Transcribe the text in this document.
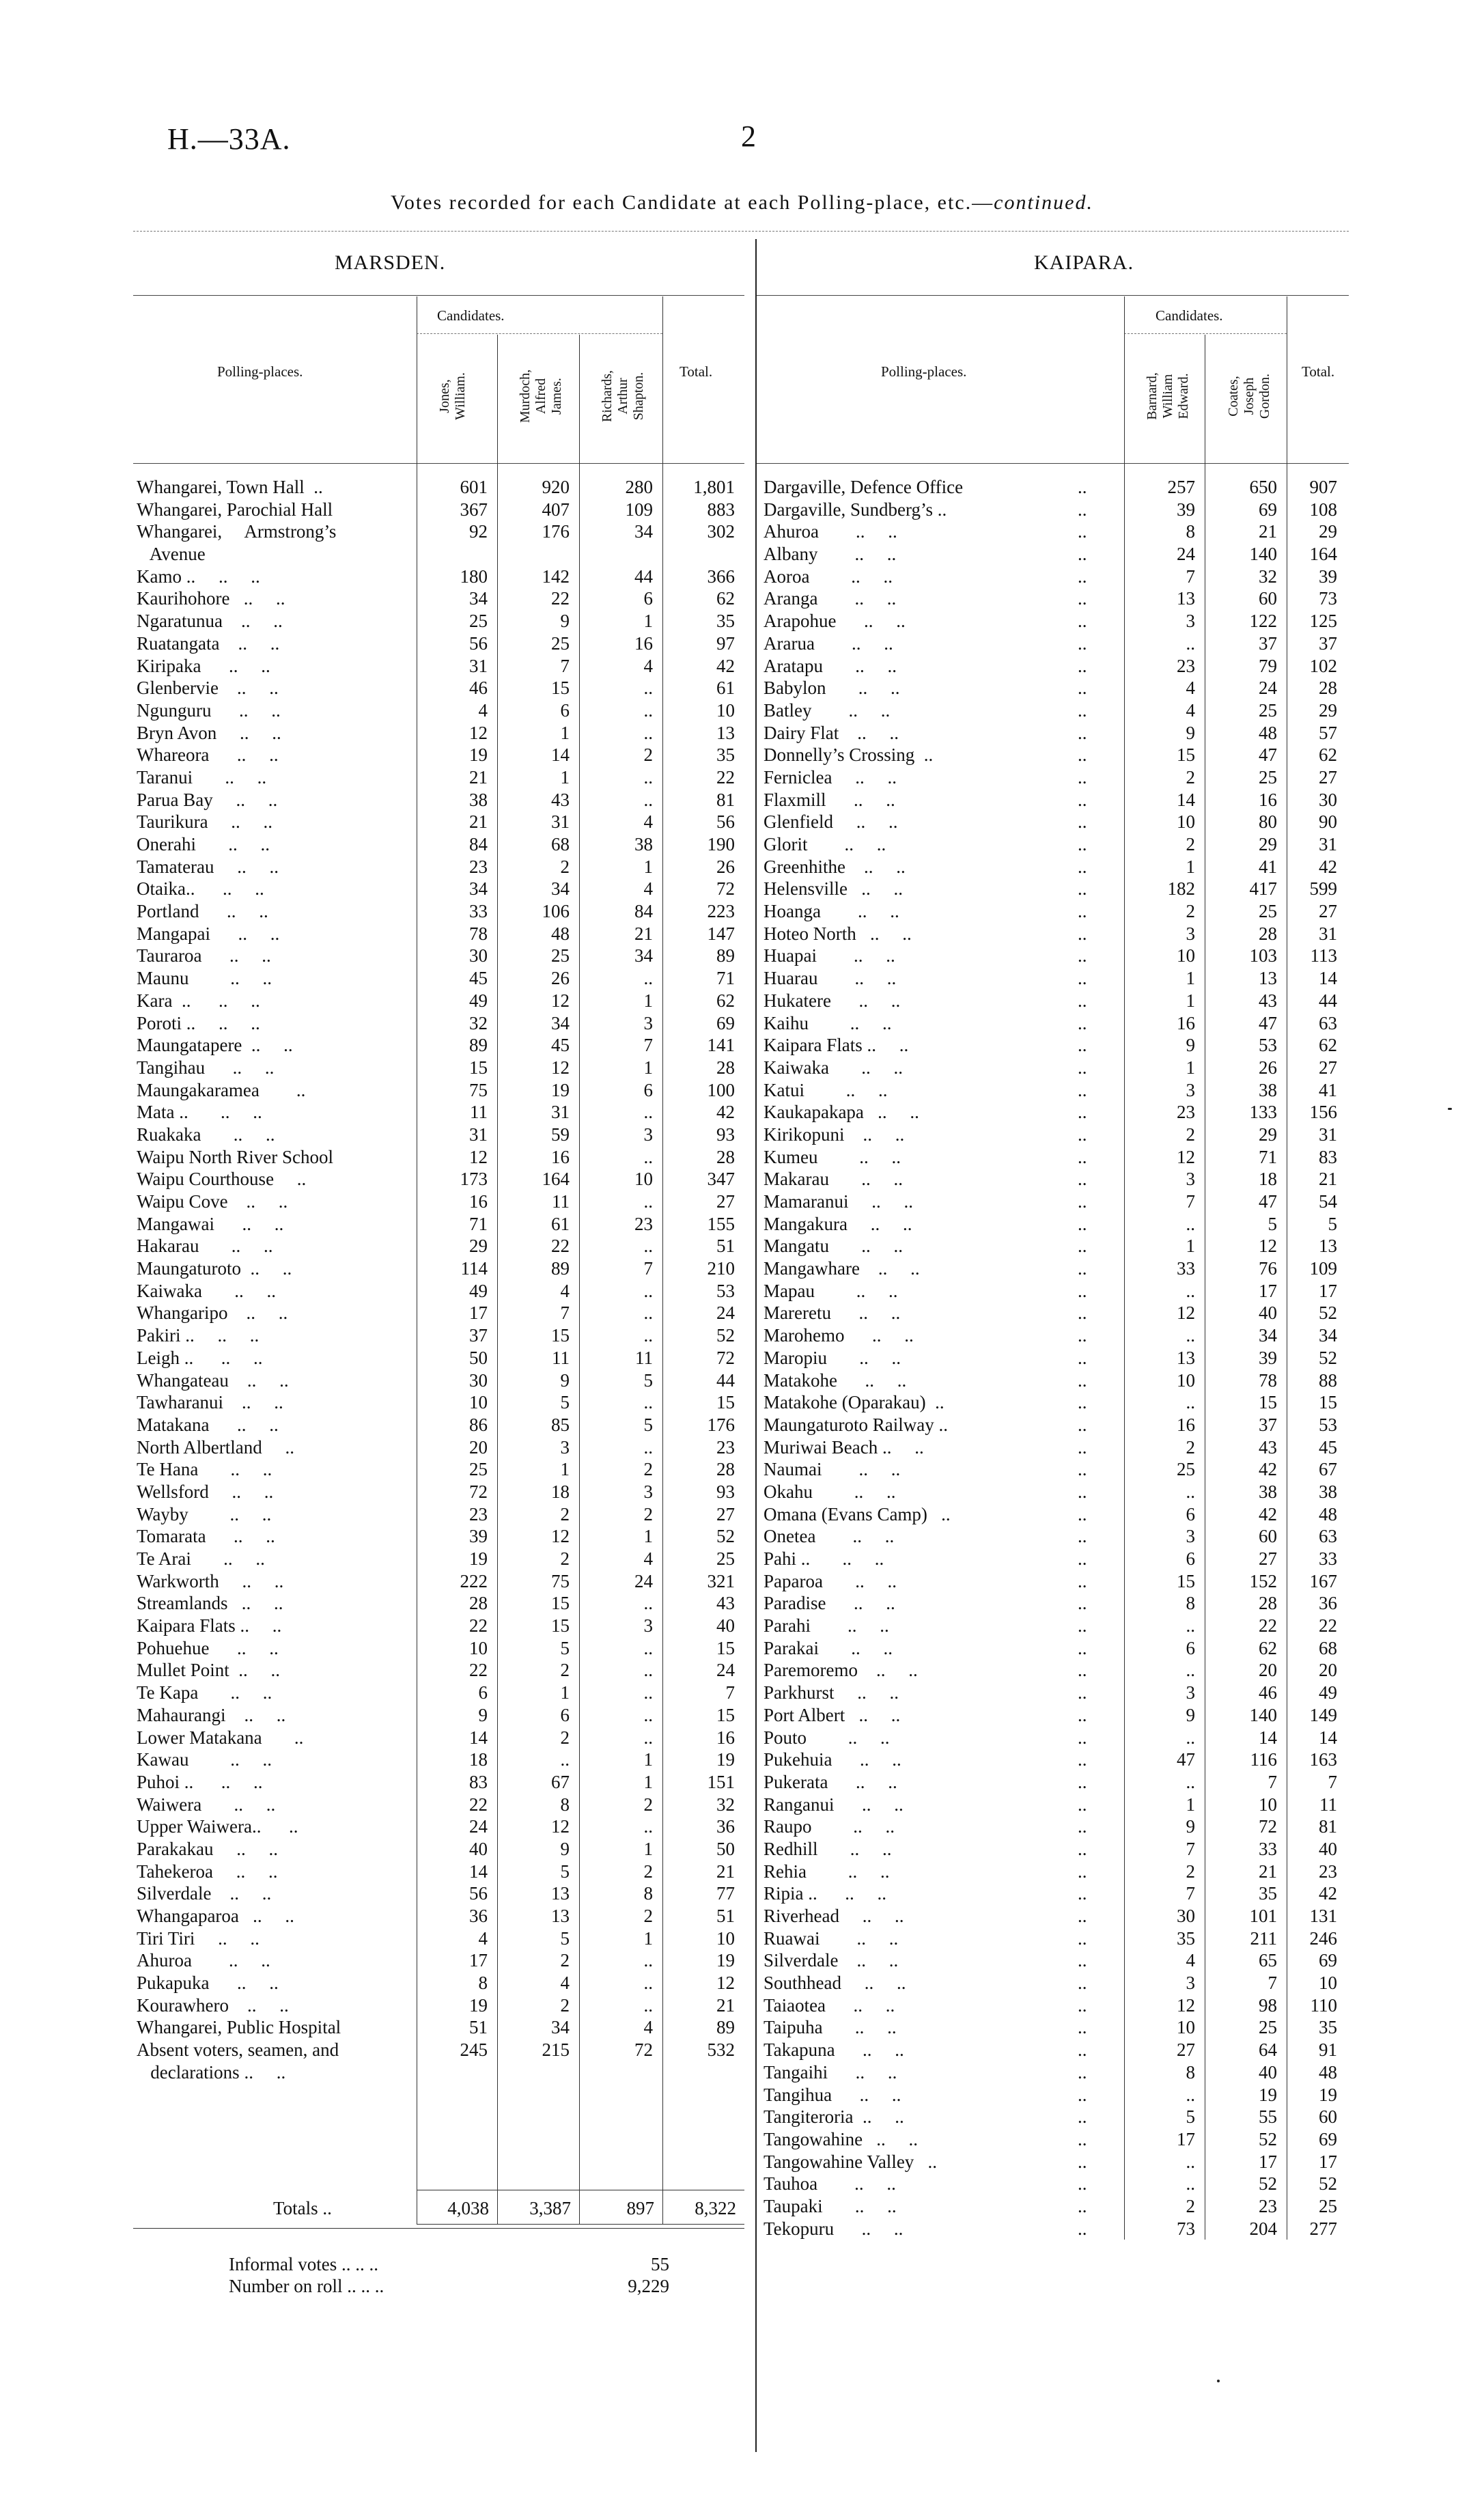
H.—33A.	2
Votes recorded for each Candidate at each Polling-place, etc.—continued.
MARSDEN.
Candidates.
Polling-places.	Total.
Jones,
William.	Murdoch,
Alfred
James.	Richards,
Arthur
Shapton.
Whangarei, Town Hall  ..	601	920	280	1,801
Whangarei, Parochial Hall	367	407	109	883
Whangarei,     Armstrong’s	92	176	34	302
Avenue				
Kamo ..     ..     ..	180	142	44	366
Kaurihohore   ..     ..	34	22	6	62
Ngaratunua    ..     ..	25	9	1	35
Ruatangata    ..     ..	56	25	16	97
Kiripaka      ..     ..	31	7	4	42
Glenbervie    ..     ..	46	15	..	61
Ngunguru      ..     ..	4	6	..	10
Bryn Avon     ..     ..	12	1	..	13
Whareora      ..     ..	19	14	2	35
Taranui       ..     ..	21	1	..	22
Parua Bay     ..     ..	38	43	..	81
Taurikura     ..     ..	21	31	4	56
Onerahi       ..     ..	84	68	38	190
Tamaterau     ..     ..	23	2	1	26
Otaika..      ..     ..	34	34	4	72
Portland      ..     ..	33	106	84	223
Mangapai      ..     ..	78	48	21	147
Tauraroa      ..     ..	30	25	34	89
Maunu         ..     ..	45	26	..	71
Kara  ..      ..     ..	49	12	1	62
Poroti ..     ..     ..	32	34	3	69
Maungatapere  ..     ..	89	45	7	141
Tangihau      ..     ..	15	12	1	28
Maungakaramea        ..	75	19	6	100
Mata ..       ..     ..	11	31	..	42
Ruakaka       ..     ..	31	59	3	93
Waipu North River School	12	16	..	28
Waipu Courthouse     ..	173	164	10	347
Waipu Cove    ..     ..	16	11	..	27
Mangawai      ..     ..	71	61	23	155
Hakarau       ..     ..	29	22	..	51
Maungaturoto  ..     ..	114	89	7	210
Kaiwaka       ..     ..	49	4	..	53
Whangaripo    ..     ..	17	7	..	24
Pakiri ..     ..     ..	37	15	..	52
Leigh ..      ..     ..	50	11	11	72
Whangateau    ..     ..	30	9	5	44
Tawharanui    ..     ..	10	5	..	15
Matakana      ..     ..	86	85	5	176
North Albertland     ..	20	3	..	23
Te Hana       ..     ..	25	1	2	28
Wellsford     ..     ..	72	18	3	93
Wayby         ..     ..	23	2	2	27
Tomarata      ..     ..	39	12	1	52
Te Arai       ..     ..	19	2	4	25
Warkworth     ..     ..	222	75	24	321
Streamlands   ..     ..	28	15	..	43
Kaipara Flats ..     ..	22	15	3	40
Pohuehue      ..     ..	10	5	..	15
Mullet Point  ..     ..	22	2	..	24
Te Kapa       ..     ..	6	1	..	7
Mahaurangi    ..     ..	9	6	..	15
Lower Matakana       ..	14	2	..	16
Kawau         ..     ..	18	..	1	19
Puhoi ..      ..     ..	83	67	1	151
Waiwera       ..     ..	22	8	2	32
Upper Waiwera..      ..	24	12	..	36
Parakakau     ..     ..	40	9	1	50
Tahekeroa     ..     ..	14	5	2	21
Silverdale    ..     ..	56	13	8	77
Whangaparoa   ..     ..	36	13	2	51
Tiri Tiri     ..     ..	4	5	1	10
Ahuroa        ..     ..	17	2	..	19
Pukapuka      ..     ..	8	4	..	12
Kourawhero    ..     ..	19	2	..	21
Whangarei, Public Hospital	51	34	4	89
Absent voters, seamen, and	245	215	72	532
declarations ..     ..				
Totals ..	4,038	3,387	897	8,322
Informal votes .. .. ..	55
Number on roll .. .. ..	9,229
KAIPARA.
Candidates.
Polling-places.	Total.
Barnard,
William
Edward.	Coates,
Joseph
Gordon.
Dargaville, Defence Office	..	257	650	907
Dargaville, Sundberg’s ..	..	39	69	108
Ahuroa        ..     ..	..	8	21	29
Albany        ..     ..	..	24	140	164
Aoroa         ..     ..	..	7	32	39
Aranga        ..     ..	..	13	60	73
Arapohue      ..     ..	..	3	122	125
Ararua        ..     ..	..	..	37	37
Aratapu       ..     ..	..	23	79	102
Babylon       ..     ..	..	4	24	28
Batley        ..     ..	..	4	25	29
Dairy Flat    ..     ..	..	9	48	57
Donnelly’s Crossing  ..	..	15	47	62
Ferniclea     ..     ..	..	2	25	27
Flaxmill      ..     ..	..	14	16	30
Glenfield     ..     ..	..	10	80	90
Glorit        ..     ..	..	2	29	31
Greenhithe    ..     ..	..	1	41	42
Helensville   ..     ..	..	182	417	599
Hoanga        ..     ..	..	2	25	27
Hoteo North   ..     ..	..	3	28	31
Huapai        ..     ..	..	10	103	113
Huarau        ..     ..	..	1	13	14
Hukatere      ..     ..	..	1	43	44
Kaihu         ..     ..	..	16	47	63
Kaipara Flats ..     ..	..	9	53	62
Kaiwaka       ..     ..	..	1	26	27
Katui         ..     ..	..	3	38	41
Kaukapakapa   ..     ..	..	23	133	156
Kirikopuni    ..     ..	..	2	29	31
Kumeu         ..     ..	..	12	71	83
Makarau       ..     ..	..	3	18	21
Mamaranui     ..     ..	..	7	47	54
Mangakura     ..     ..	..	..	5	5
Mangatu       ..     ..	..	1	12	13
Mangawhare    ..     ..	..	33	76	109
Mapau         ..     ..	..	..	17	17
Mareretu      ..     ..	..	12	40	52
Marohemo      ..     ..	..	..	34	34
Maropiu       ..     ..	..	13	39	52
Matakohe      ..     ..	..	10	78	88
Matakohe (Oparakau)  ..	..	..	15	15
Maungaturoto Railway ..	..	16	37	53
Muriwai Beach ..     ..	..	2	43	45
Naumai        ..     ..	..	25	42	67
Okahu         ..     ..	..	..	38	38
Omana (Evans Camp)   ..	..	6	42	48
Onetea        ..     ..	..	3	60	63
Pahi ..       ..     ..	..	6	27	33
Paparoa       ..     ..	..	15	152	167
Paradise      ..     ..	..	8	28	36
Parahi        ..     ..	..	..	22	22
Parakai       ..     ..	..	6	62	68
Paremoremo    ..     ..	..	..	20	20
Parkhurst     ..     ..	..	3	46	49
Port Albert   ..     ..	..	9	140	149
Pouto         ..     ..	..	..	14	14
Pukehuia      ..     ..	..	47	116	163
Pukerata      ..     ..	..	..	7	7
Ranganui      ..     ..	..	1	10	11
Raupo         ..     ..	..	9	72	81
Redhill       ..     ..	..	7	33	40
Rehia         ..     ..	..	2	21	23
Ripia ..      ..     ..	..	7	35	42
Riverhead     ..     ..	..	30	101	131
Ruawai        ..     ..	..	35	211	246
Silverdale    ..     ..	..	4	65	69
Southhead     ..     ..	..	3	7	10
Taiaotea      ..     ..	..	12	98	110
Taipuha       ..     ..	..	10	25	35
Takapuna      ..     ..	..	27	64	91
Tangaihi      ..     ..	..	8	40	48
Tangihua      ..     ..	..	..	19	19
Tangiteroria  ..     ..	..	5	55	60
Tangowahine   ..     ..	..	17	52	69
Tangowahine Valley   ..	..	..	17	17
Tauhoa        ..     ..	..	..	52	52
Taupaki       ..     ..	..	2	23	25
Tekopuru      ..     ..	..	73	204	277
